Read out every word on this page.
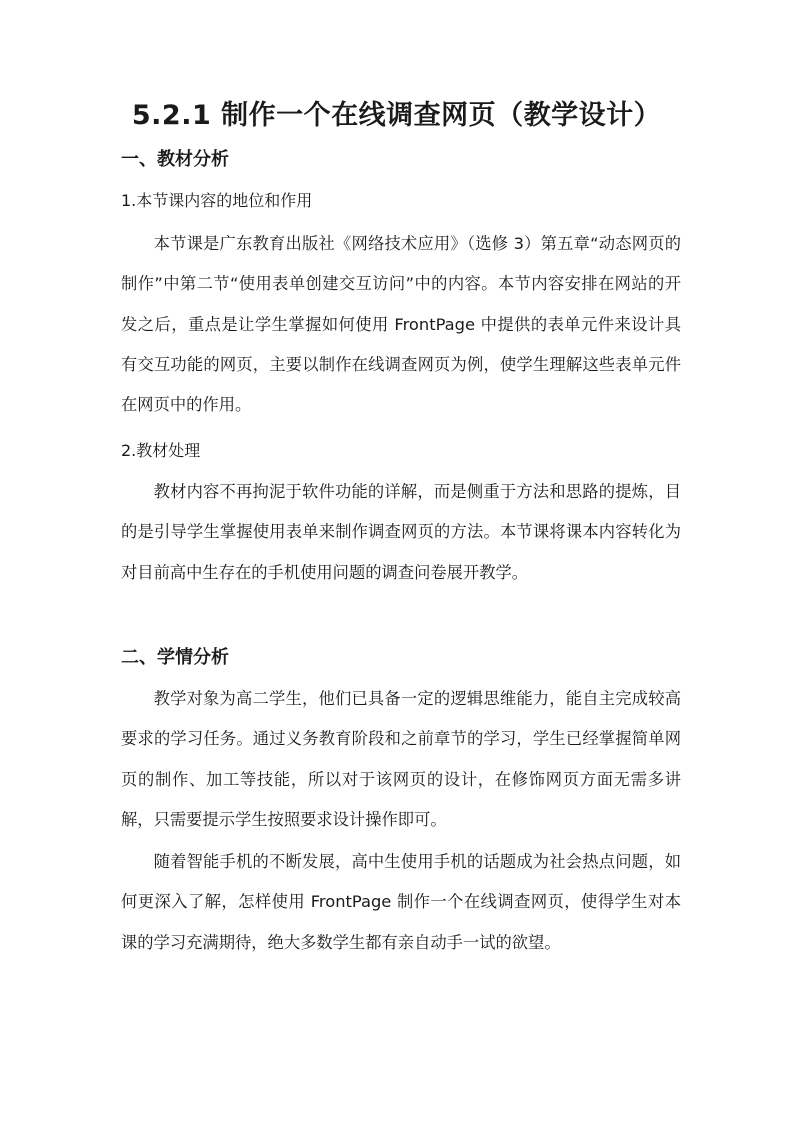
5.2.1 制作一个在线调查网页（教学设计）
一、教材分析
1.本节课内容的地位和作用

本节课是广东教育出版社《网络技术应用》（选修 3）第五章“动态网页的制作”中第二节“使用表单创建交互访问”中的内容。本节内容安排在网站的开发之后，重点是让学生掌握如何使用 FrontPage 中提供的表单元件来设计具有交互功能的网页，主要以制作在线调查网页为例，使学生理解这些表单元件在网页中的作用。

2.教材处理

教材内容不再拘泥于软件功能的详解，而是侧重于方法和思路的提炼，目的是引导学生掌握使用表单来制作调查网页的方法。本节课将课本内容转化为对目前高中生存在的手机使用问题的调查问卷展开教学。

二、学情分析

教学对象为高二学生，他们已具备一定的逻辑思维能力，能自主完成较高要求的学习任务。通过义务教育阶段和之前章节的学习，学生已经掌握简单网页的制作、加工等技能，所以对于该网页的设计，在修饰网页方面无需多讲解，只需要提示学生按照要求设计操作即可。

随着智能手机的不断发展，高中生使用手机的话题成为社会热点问题，如何更深入了解，怎样使用 FrontPage 制作一个在线调查网页，使得学生对本课的学习充满期待，绝大多数学生都有亲自动手一试的欲望。
